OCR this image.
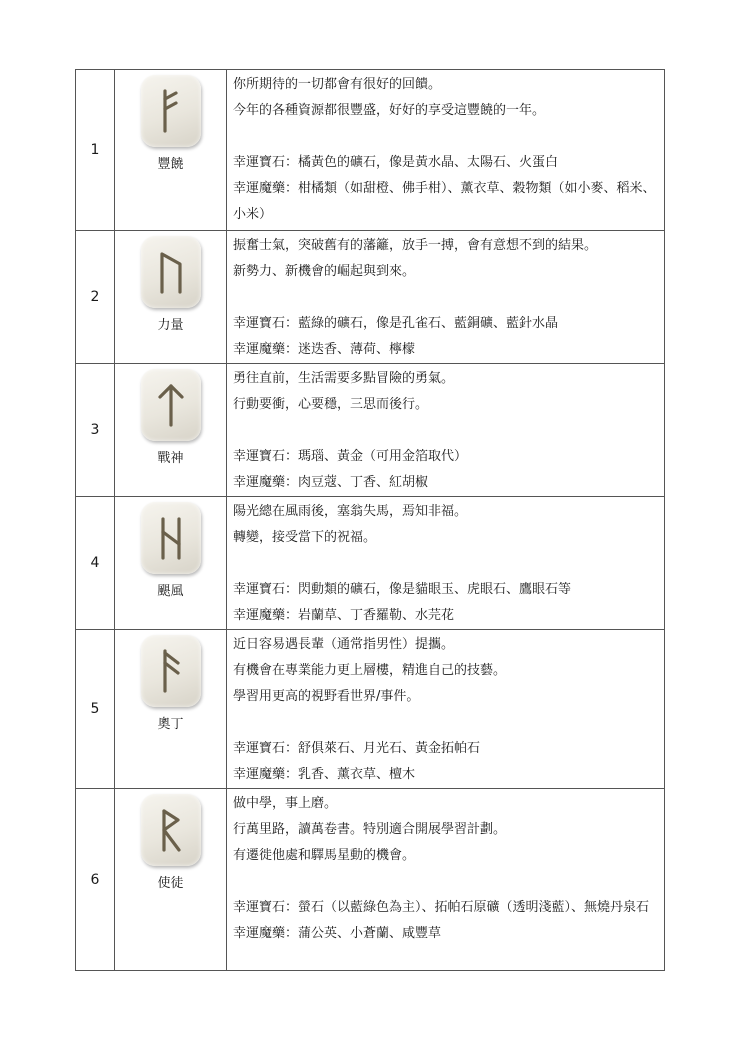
1	豐饒	你所期待的一切都會有很好的回饋。
今年的各種資源都很豐盛，好好的享受這豐饒的一年。
幸運寶石：橘黃色的礦石，像是黃水晶、太陽石、火蛋白
幸運魔藥：柑橘類（如甜橙、佛手柑）、薰衣草、穀物類（如小麥、稻米、小米）

2	力量	振奮士氣，突破舊有的藩籬，放手一搏，會有意想不到的結果。
新勢力、新機會的崛起與到來。
幸運寶石：藍綠的礦石，像是孔雀石、藍銅礦、藍針水晶
幸運魔藥：迷迭香、薄荷、檸檬

3	戰神	勇往直前，生活需要多點冒險的勇氣。
行動要衝，心要穩，三思而後行。
幸運寶石：瑪瑙、黃金（可用金箔取代）
幸運魔藥：肉豆蔻、丁香、紅胡椒

4	颶風	陽光總在風雨後，塞翁失馬，焉知非福。
轉變，接受當下的祝福。
幸運寶石：閃動類的礦石，像是貓眼玉、虎眼石、鷹眼石等
幸運魔藥：岩蘭草、丁香羅勒、水芫花

5	奧丁	近日容易遇長輩（通常指男性）提攜。
有機會在專業能力更上層樓，精進自己的技藝。
學習用更高的視野看世界/事件。
幸運寶石：舒俱萊石、月光石、黃金拓帕石
幸運魔藥：乳香、薰衣草、檀木

6	使徒	做中學，事上磨。
行萬里路，讀萬卷書。特別適合開展學習計劃。
有遷徙他處和驛馬星動的機會。
幸運寶石：螢石（以藍綠色為主）、拓帕石原礦（透明淺藍）、無燒丹泉石
幸運魔藥：蒲公英、小蒼蘭、咸豐草
